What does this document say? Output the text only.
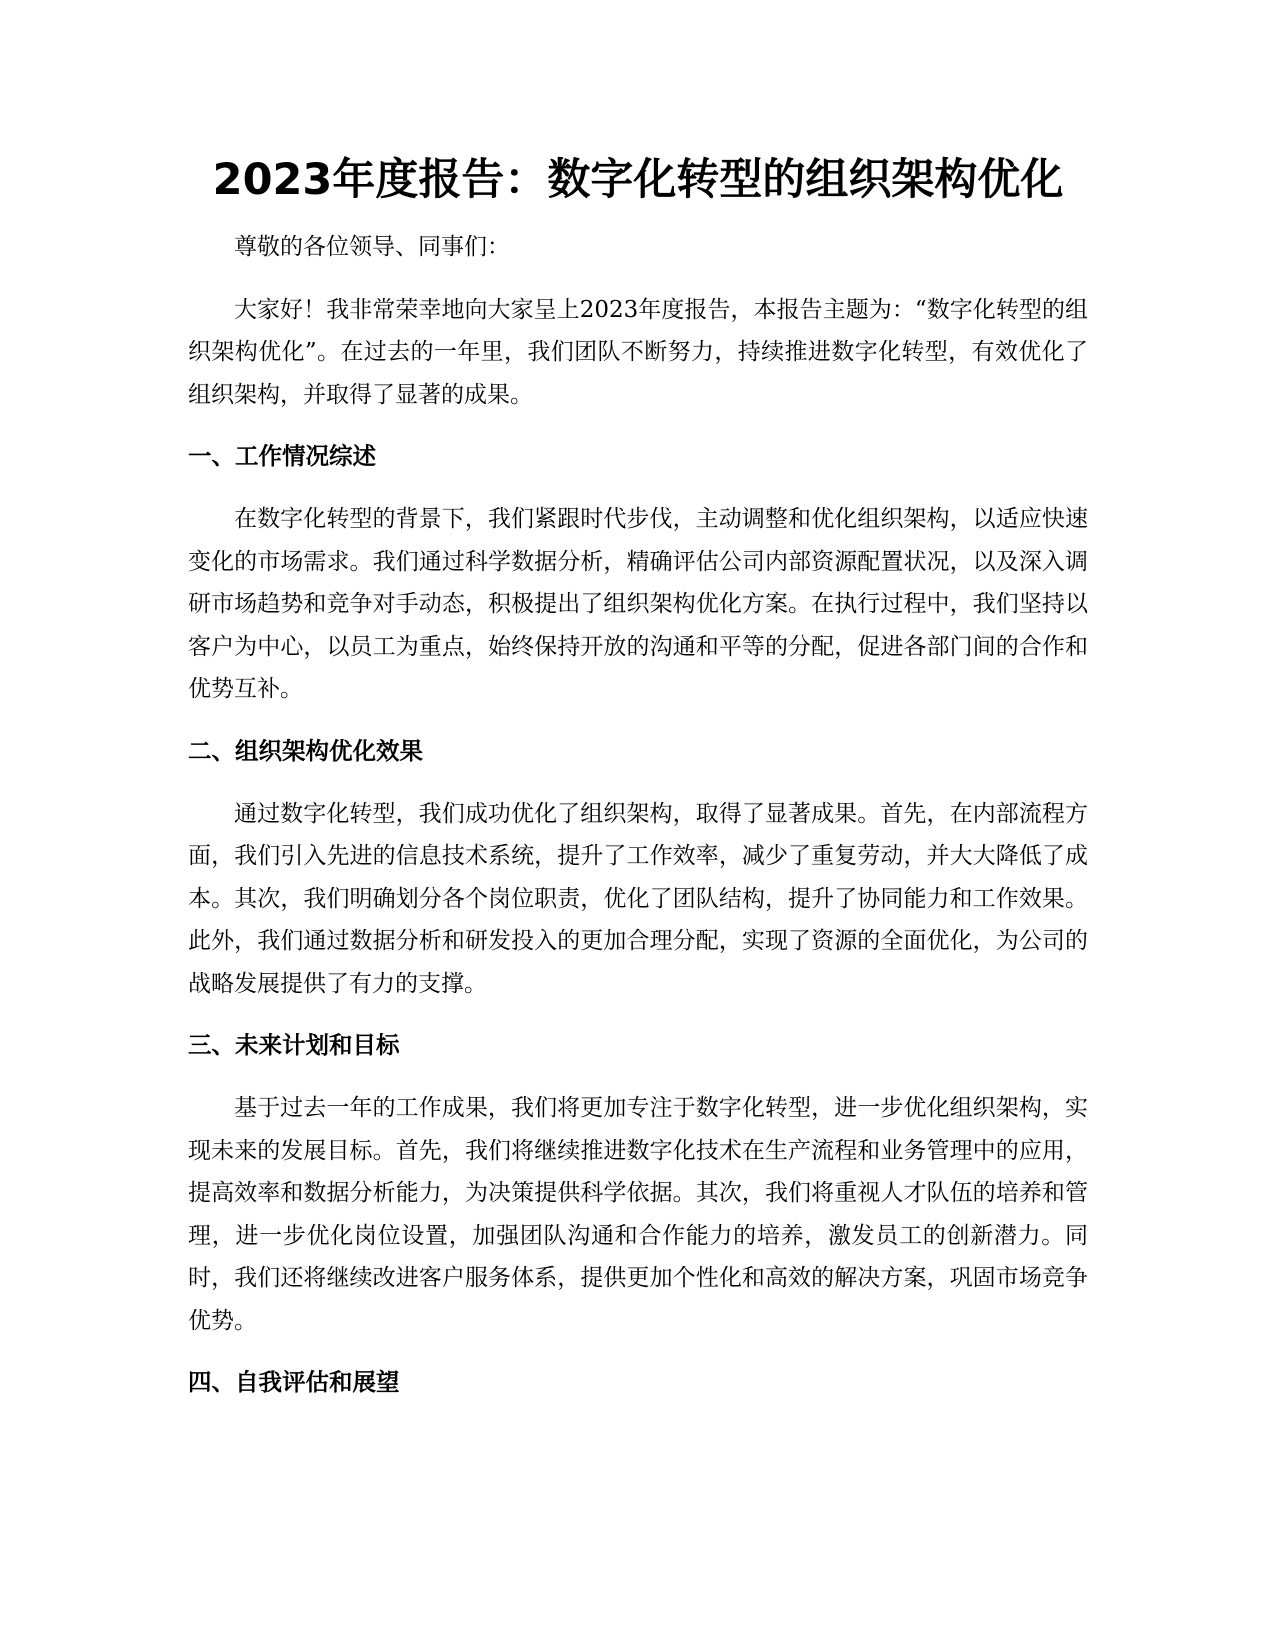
2023年度报告：数字化转型的组织架构优化

尊敬的各位领导、同事们：

大家好！我非常荣幸地向大家呈上2023年度报告，本报告主题为：“数字化转型的组织架构优化”。在过去的一年里，我们团队不断努力，持续推进数字化转型，有效优化了组织架构，并取得了显著的成果。

一、工作情况综述

在数字化转型的背景下，我们紧跟时代步伐，主动调整和优化组织架构，以适应快速变化的市场需求。我们通过科学数据分析，精确评估公司内部资源配置状况，以及深入调研市场趋势和竞争对手动态，积极提出了组织架构优化方案。在执行过程中，我们坚持以客户为中心，以员工为重点，始终保持开放的沟通和平等的分配，促进各部门间的合作和优势互补。

二、组织架构优化效果

通过数字化转型，我们成功优化了组织架构，取得了显著成果。首先，在内部流程方面，我们引入先进的信息技术系统，提升了工作效率，减少了重复劳动，并大大降低了成本。其次，我们明确划分各个岗位职责，优化了团队结构，提升了协同能力和工作效果。此外，我们通过数据分析和研发投入的更加合理分配，实现了资源的全面优化，为公司的战略发展提供了有力的支撑。

三、未来计划和目标

基于过去一年的工作成果，我们将更加专注于数字化转型，进一步优化组织架构，实现未来的发展目标。首先，我们将继续推进数字化技术在生产流程和业务管理中的应用，提高效率和数据分析能力，为决策提供科学依据。其次，我们将重视人才队伍的培养和管理，进一步优化岗位设置，加强团队沟通和合作能力的培养，激发员工的创新潜力。同时，我们还将继续改进客户服务体系，提供更加个性化和高效的解决方案，巩固市场竞争优势。

四、自我评估和展望
